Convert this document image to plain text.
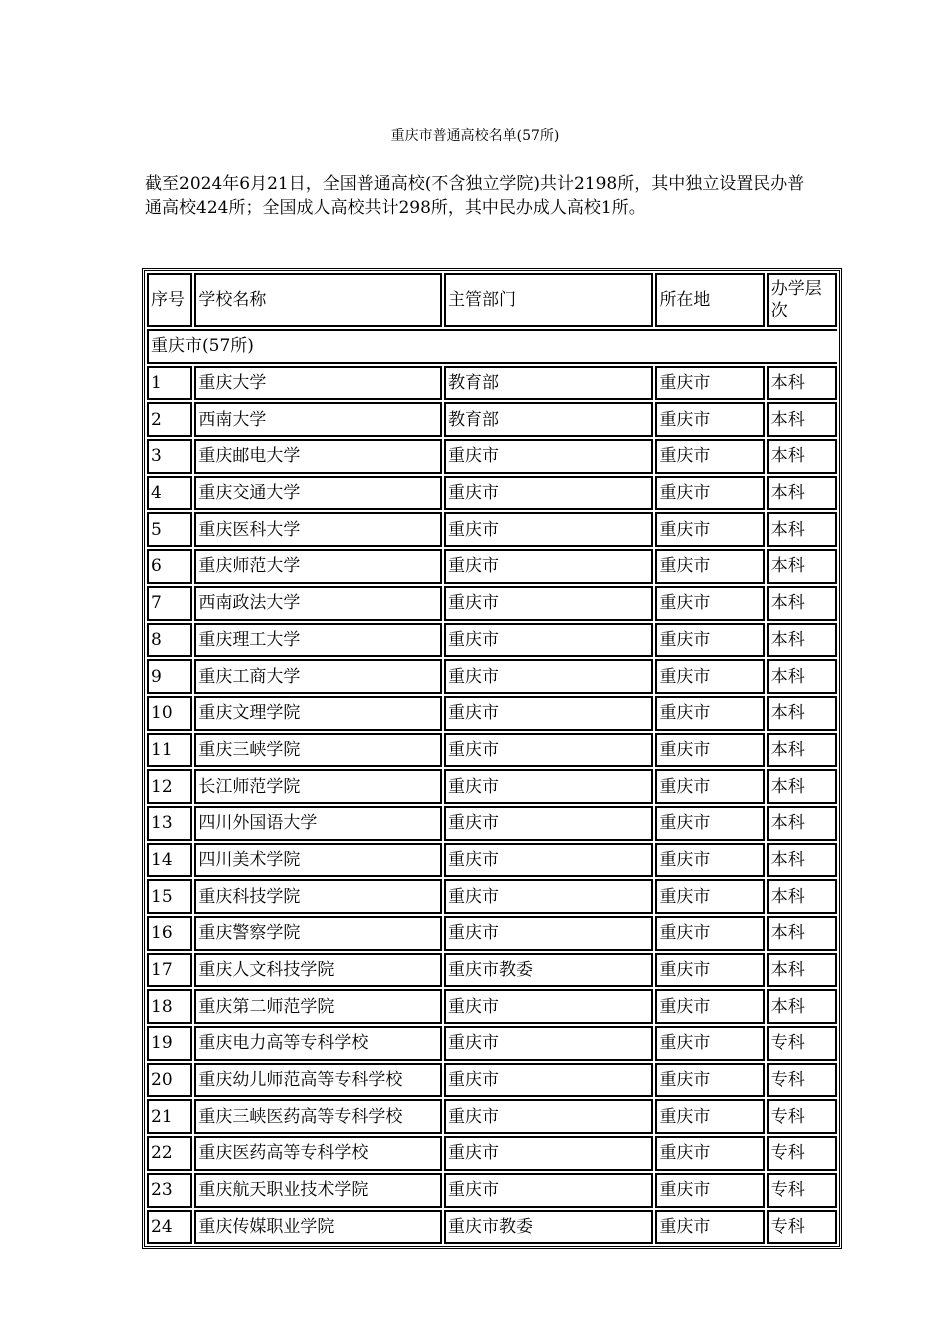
重庆市普通高校名单(57所)

截至2024年6月21日，全国普通高校(不含独立学院)共计2198所，其中独立设置民办普通高校424所；全国成人高校共计298所，其中民办成人高校1所。

序号	学校名称	主管部门	所在地	办学层次
重庆市(57所)				
1	重庆大学	教育部	重庆市	本科
2	西南大学	教育部	重庆市	本科
3	重庆邮电大学	重庆市	重庆市	本科
4	重庆交通大学	重庆市	重庆市	本科
5	重庆医科大学	重庆市	重庆市	本科
6	重庆师范大学	重庆市	重庆市	本科
7	西南政法大学	重庆市	重庆市	本科
8	重庆理工大学	重庆市	重庆市	本科
9	重庆工商大学	重庆市	重庆市	本科
10	重庆文理学院	重庆市	重庆市	本科
11	重庆三峡学院	重庆市	重庆市	本科
12	长江师范学院	重庆市	重庆市	本科
13	四川外国语大学	重庆市	重庆市	本科
14	四川美术学院	重庆市	重庆市	本科
15	重庆科技学院	重庆市	重庆市	本科
16	重庆警察学院	重庆市	重庆市	本科
17	重庆人文科技学院	重庆市教委	重庆市	本科
18	重庆第二师范学院	重庆市	重庆市	本科
19	重庆电力高等专科学校	重庆市	重庆市	专科
20	重庆幼儿师范高等专科学校	重庆市	重庆市	专科
21	重庆三峡医药高等专科学校	重庆市	重庆市	专科
22	重庆医药高等专科学校	重庆市	重庆市	专科
23	重庆航天职业技术学院	重庆市	重庆市	专科
24	重庆传媒职业学院	重庆市教委	重庆市	专科
